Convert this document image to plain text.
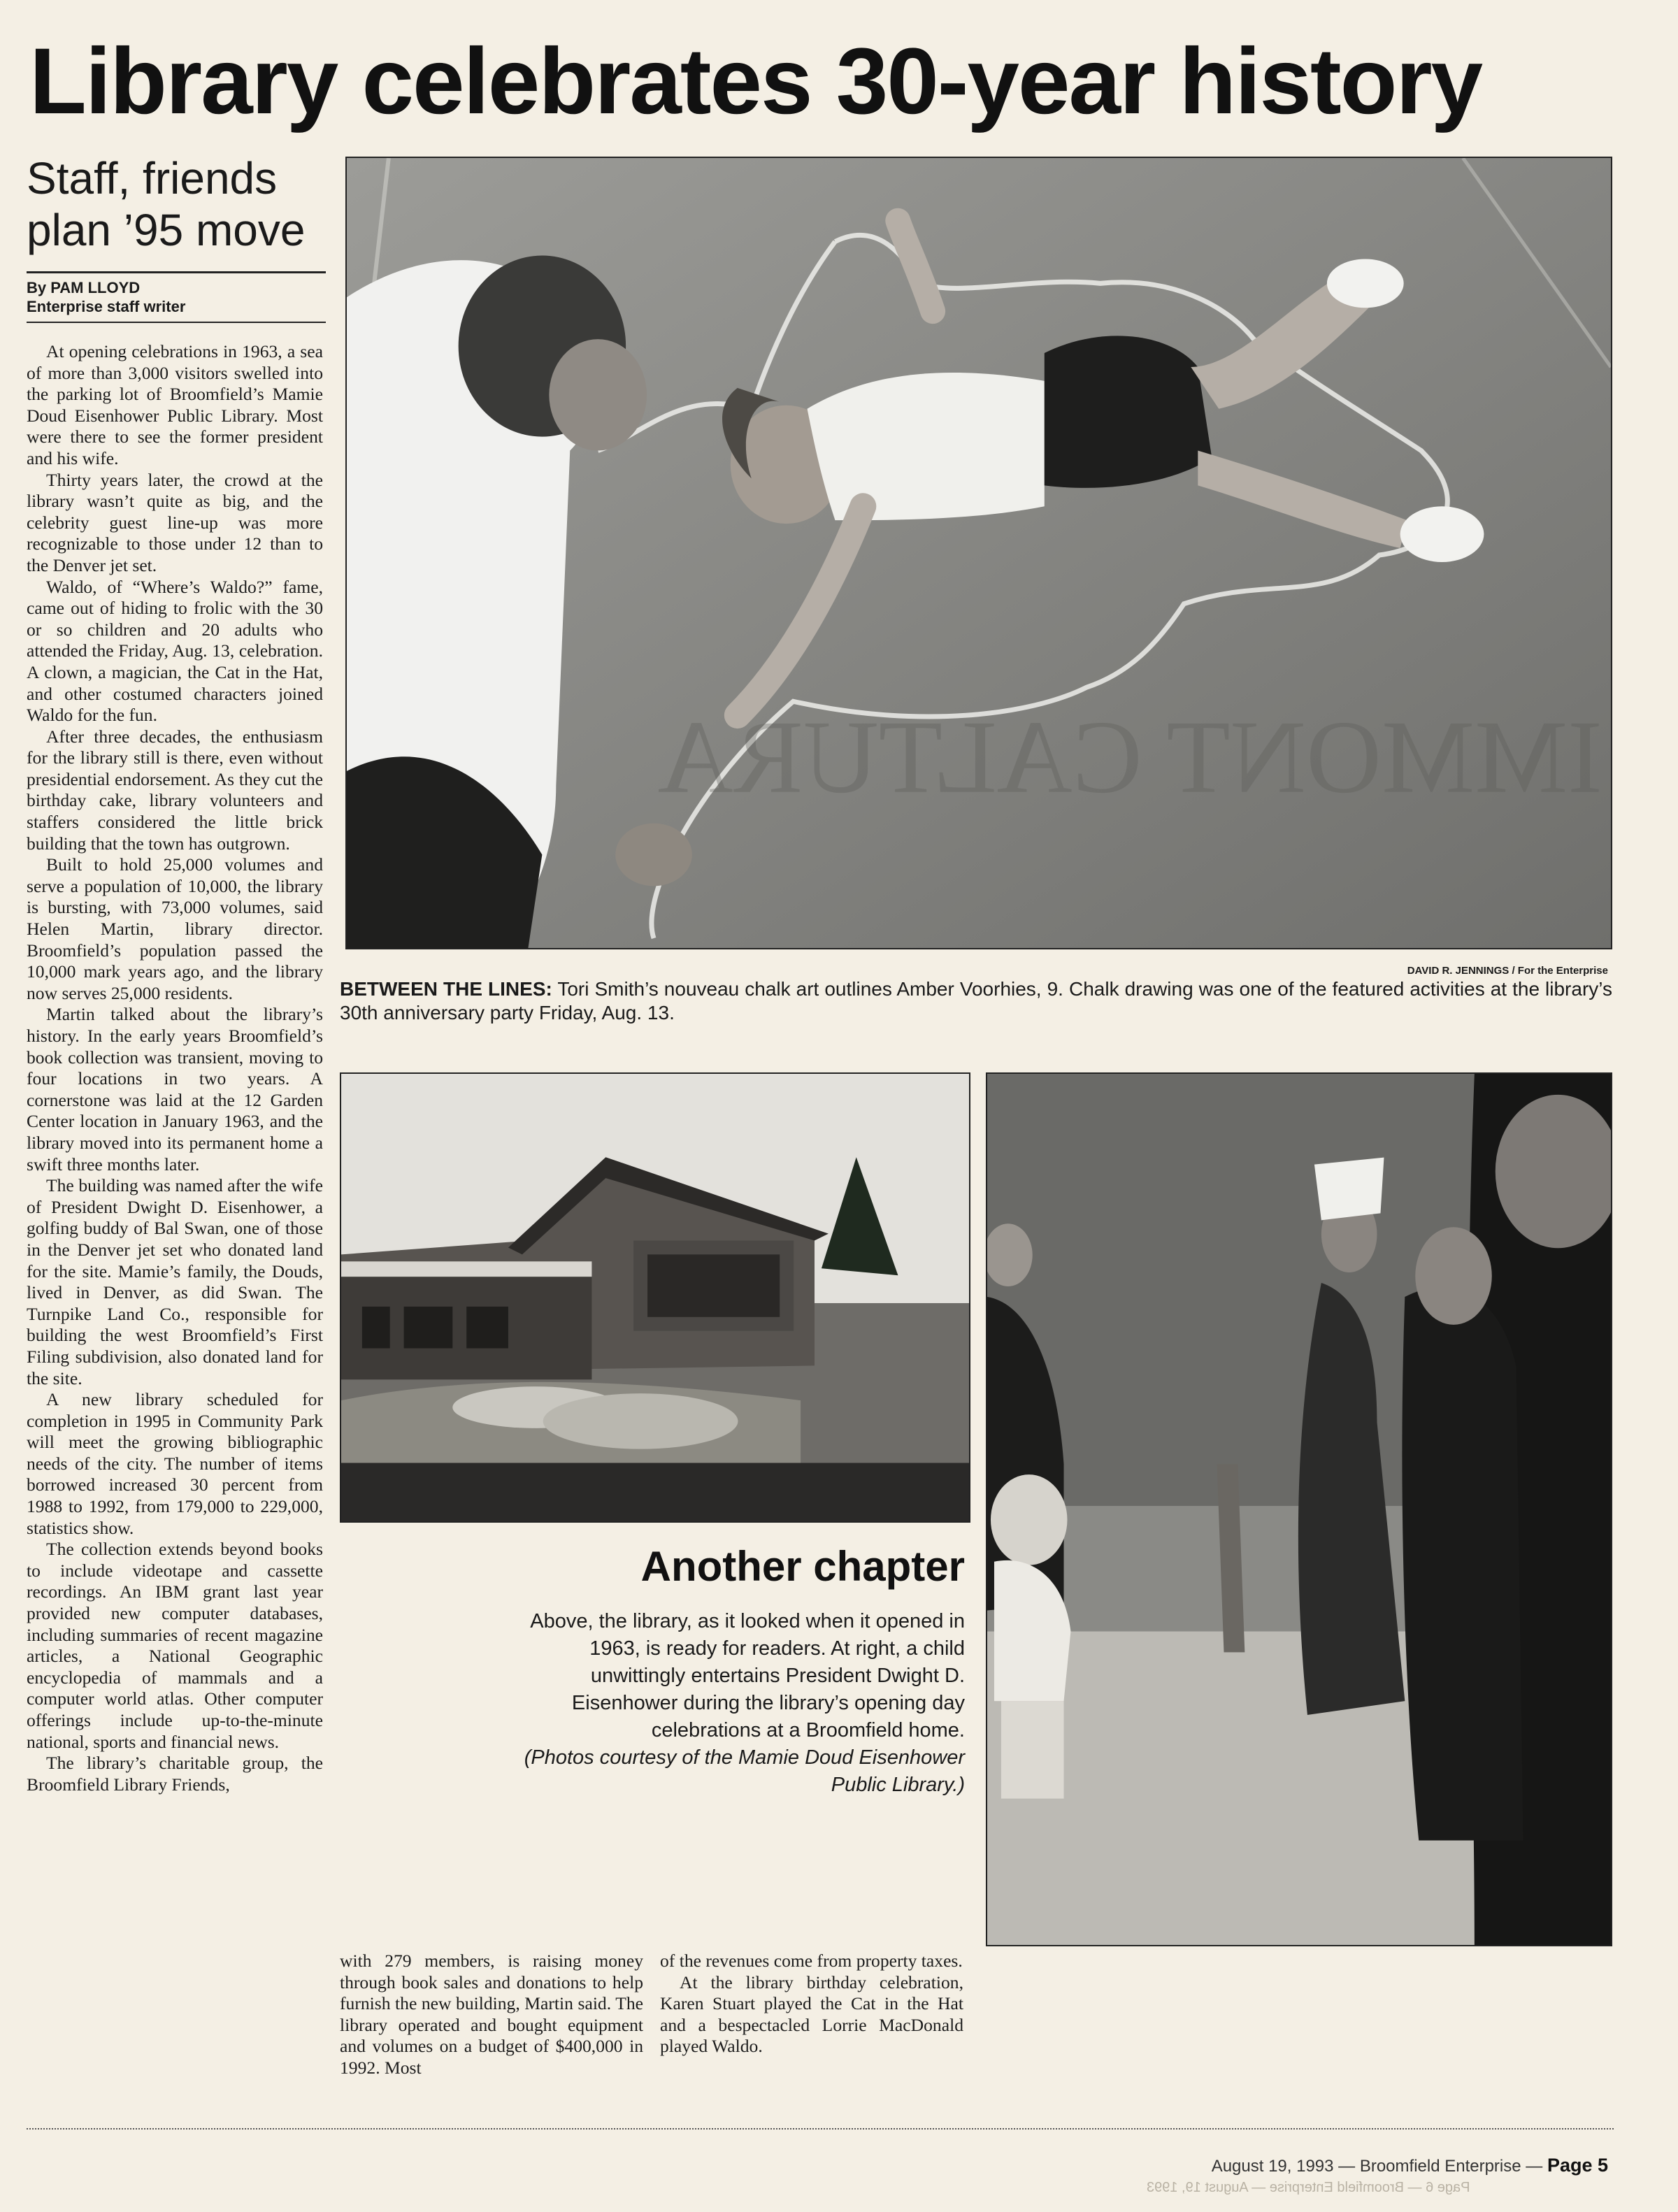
Library celebrates 30-year history
Staff, friends
plan ’95 move
By PAM LLOYD
Enterprise staff writer

At opening celebrations in 1963, a sea of more than 3,000 visitors swelled into the parking lot of Broomfield’s Mamie Doud Eisenhower Public Library. Most were there to see the former president and his wife.

Thirty years later, the crowd at the library wasn’t quite as big, and the celebrity guest line-up was more recognizable to those under 12 than to the Denver jet set.

Waldo, of “Where’s Waldo?” fame, came out of hiding to frolic with the 30 or so children and 20 adults who attended the Friday, Aug. 13, celebration. A clown, a magician, the Cat in the Hat, and other costumed characters joined Waldo for the fun.

After three decades, the enthusiasm for the library still is there, even without presidential endorsement. As they cut the birthday cake, library volunteers and staffers considered the little brick building that the town has outgrown.

Built to hold 25,000 volumes and serve a population of 10,000, the library is bursting, with 73,000 volumes, said Helen Martin, library director. Broomfield’s population passed the 10,000 mark years ago, and the library now serves 25,000 residents.

Martin talked about the library’s history. In the early years Broomfield’s book collection was transient, moving to four locations in two years. A cornerstone was laid at the 12 Garden Center location in January 1963, and the library moved into its permanent home a swift three months later.

The building was named after the wife of President Dwight D. Eisenhower, a golfing buddy of Bal Swan, one of those in the Denver jet set who donated land for the site. Mamie’s family, the Douds, lived in Denver, as did Swan. The Turnpike Land Co., responsible for building the west Broomfield’s First Filing subdivision, also donated land for the site.

A new library scheduled for completion in 1995 in Community Park will meet the growing bibliographic needs of the city. The number of items borrowed increased 30 percent from 1988 to 1992, from 179,000 to 229,000, statistics show.

The collection extends beyond books to include videotape and cassette recordings. An IBM grant last year provided new computer databases, including summaries of recent magazine articles, a National Geographic encyclopedia of mammals and a computer world atlas. Other computer offerings include up-to-the-minute national, sports and financial news.

The library’s charitable group, the Broomfield Library Friends,

IMMONT CALTURA
DAVID R. JENNINGS / For the Enterprise
BETWEEN THE LINES: Tori Smith’s nouveau chalk art outlines Amber Voorhies, 9. Chalk drawing was one of the featured activities at the library’s 30th anniversary party Friday, Aug. 13.
Another chapter
Above, the library, as it looked when it opened in 1963, is ready for readers. At right, a child unwittingly entertains President Dwight D. Eisenhower during the library’s opening day celebrations at a Broomfield home.
(Photos courtesy of the Mamie Doud Eisenhower Public Library.)

with 279 members, is raising money through book sales and donations to help furnish the new building, Martin said. The library operated and bought equipment and volumes on a budget of $400,000 in 1992. Most

of the revenues come from property taxes.

At the library birthday celebration, Karen Stuart played the Cat in the Hat and a bespectacled Lorrie MacDonald played Waldo.

August 19, 1993 — Broomfield Enterprise — Page 5
Page 6 — Broomfield Enterprise — August 19, 1993
